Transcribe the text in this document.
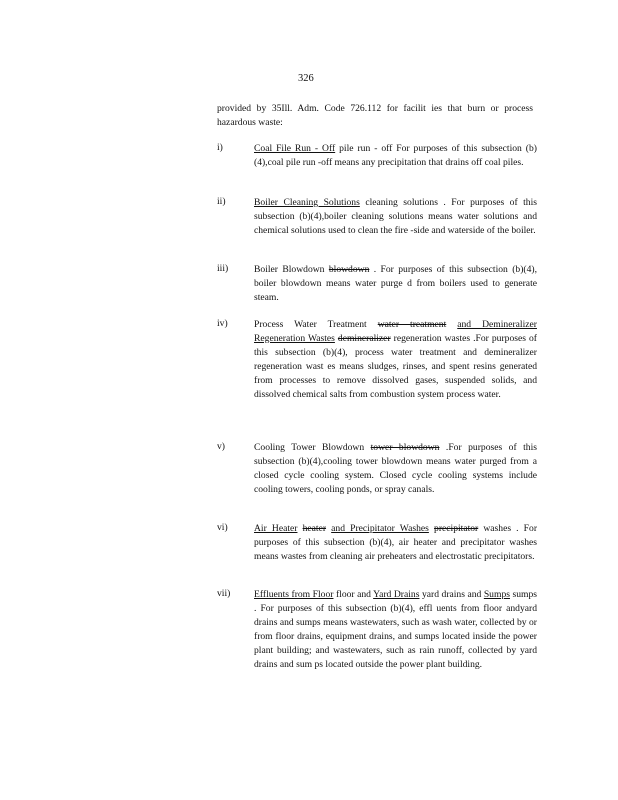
326
provided by 35Ill. Adm. Code 726.112 for facilit ies that burn or process hazardous waste:
i)	Coal File Run - Off pile run - off For purposes of this subsection (b)(4),coal pile run -off means any precipitation that drains off coal piles.
ii)	Boiler Cleaning Solutions cleaning solutions . For purposes of this subsection (b)(4),boiler cleaning solutions means water solutions and chemical solutions used to clean the fire -side and waterside of the boiler.
iii)	Boiler Blowdown blowdown . For purposes of this subsection (b)(4), boiler blowdown means water purge d from boilers used to generate steam.
iv)	Process Water Treatment water treatment and Demineralizer Regeneration Wastes demineralizer regeneration wastes .For purposes of this subsection (b)(4), process water treatment and demineralizer regeneration wast es means sludges, rinses, and spent resins generated from processes to remove dissolved gases, suspended solids, and dissolved chemical salts from combustion system process water.
v)	Cooling Tower Blowdown tower blowdown .For purposes of this subsection (b)(4),cooling tower blowdown means water purged from a closed cycle cooling system. Closed cycle cooling systems include cooling towers, cooling ponds, or spray canals.
vi)	Air Heater heater and Precipitator Washes precipitator washes . For purposes of this subsection (b)(4), air heater and precipitator washes means wastes from cleaning air preheaters and electrostatic precipitators.
vii)	Effluents from Floor floor and Yard Drains yard drains and Sumps sumps . For purposes of this subsection (b)(4), effl uents from floor andyard drains and sumps means wastewaters, such as wash water, collected by or from floor drains, equipment drains, and sumps located inside the power plant building; and wastewaters, such as rain runoff, collected by yard drains and sum ps located outside the power plant building.
